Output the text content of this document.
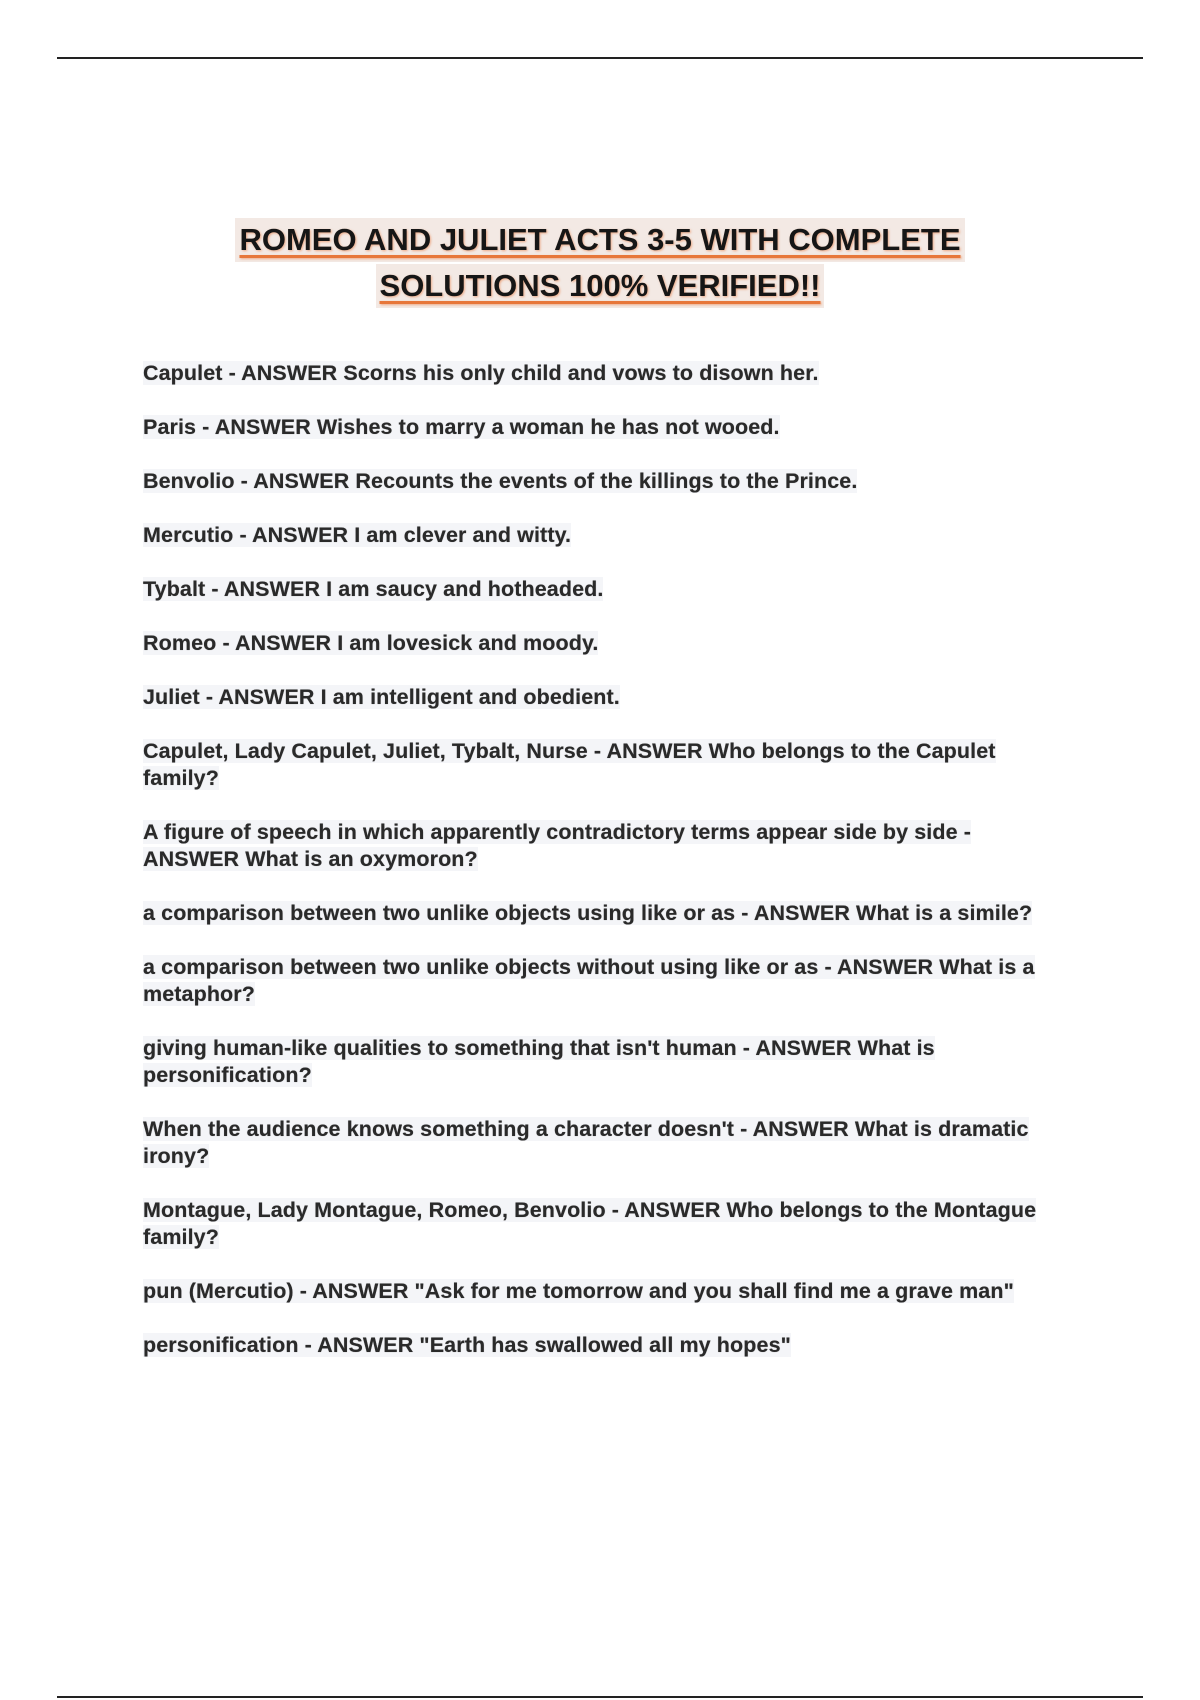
ROMEO AND JULIET ACTS 3-5 WITH COMPLETE
SOLUTIONS 100% VERIFIED!!
Capulet - ANSWER Scorns his only child and vows to disown her.
Paris - ANSWER Wishes to marry a woman he has not wooed.
Benvolio - ANSWER Recounts the events of the killings to the Prince.
Mercutio - ANSWER I am clever and witty.
Tybalt - ANSWER I am saucy and hotheaded.
Romeo - ANSWER I am lovesick and moody.
Juliet - ANSWER I am intelligent and obedient.
Capulet, Lady Capulet, Juliet, Tybalt, Nurse - ANSWER Who belongs to the Capulet family?
A figure of speech in which apparently contradictory terms appear side by side - ANSWER What is an oxymoron?
a comparison between two unlike objects using like or as - ANSWER What is a simile?
a comparison between two unlike objects without using like or as - ANSWER What is a metaphor?
giving human-like qualities to something that isn't human - ANSWER What is personification?
When the audience knows something a character doesn't - ANSWER What is dramatic irony?
Montague, Lady Montague, Romeo, Benvolio - ANSWER Who belongs to the Montague family?
pun (Mercutio) - ANSWER "Ask for me tomorrow and you shall find me a grave man"
personification - ANSWER "Earth has swallowed all my hopes"
